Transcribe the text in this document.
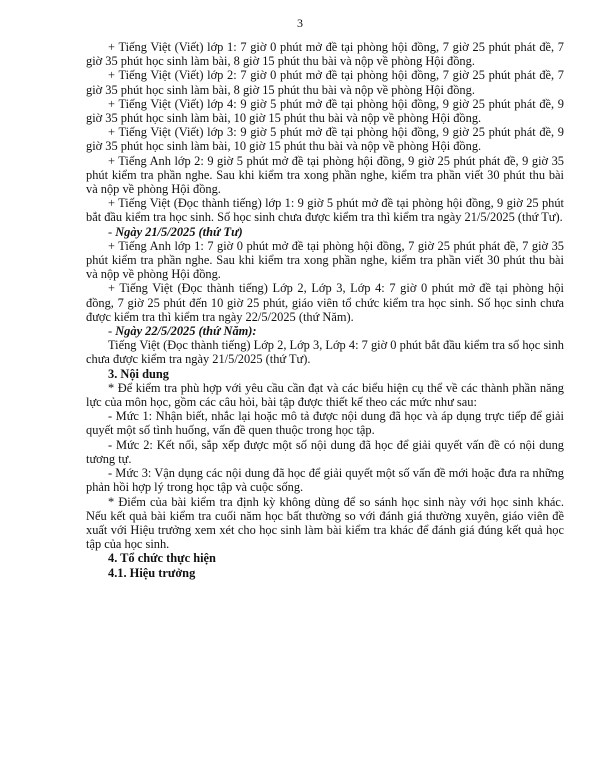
3

+ Tiếng Việt (Viết) lớp 1: 7 giờ 0 phút mở đề tại phòng hội đồng, 7 giờ 25 phút phát đề, 7 giờ 35 phút học sinh làm bài, 8 giờ 15 phút thu bài và nộp về phòng Hội đồng.

+ Tiếng Việt (Viết) lớp 2: 7 giờ 0 phút mở đề tại phòng hội đồng, 7 giờ 25 phút phát đề, 7 giờ 35 phút học sinh làm bài, 8 giờ 15 phút thu bài và nộp về phòng Hội đồng.

+ Tiếng Việt (Viết) lớp 4: 9 giờ 5 phút mở đề tại phòng hội đồng, 9 giờ 25 phút phát đề, 9 giờ 35 phút học sinh làm bài, 10 giờ 15 phút thu bài và nộp về phòng Hội đồng.

+ Tiếng Việt (Viết) lớp 3: 9 giờ 5 phút mở đề tại phòng hội đồng, 9 giờ 25 phút phát đề, 9 giờ 35 phút học sinh làm bài, 10 giờ 15 phút thu bài và nộp về phòng Hội đồng.

+ Tiếng Anh lớp 2: 9 giờ 5 phút mở đề tại phòng hội đồng, 9 giờ 25 phút phát đề, 9 giờ 35 phút kiểm tra phần nghe. Sau khi kiểm tra xong phần nghe, kiểm tra phần viết 30 phút thu bài và nộp về phòng Hội đồng.

+ Tiếng Việt (Đọc thành tiếng) lớp 1: 9 giờ 5 phút mở đề tại phòng hội đồng, 9 giờ 25 phút bắt đầu kiểm tra học sinh. Số học sinh chưa được kiểm tra thì kiểm tra ngày 21/5/2025 (thứ Tư).

- Ngày 21/5/2025 (thứ Tư)

+ Tiếng Anh lớp 1: 7 giờ 0 phút mở đề tại phòng hội đồng, 7 giờ 25 phút phát đề, 7 giờ 35 phút kiểm tra phần nghe. Sau khi kiểm tra xong phần nghe, kiểm tra phần viết 30 phút thu bài và nộp về phòng Hội đồng.

+ Tiếng Việt (Đọc thành tiếng) Lớp 2, Lớp 3, Lớp 4: 7 giờ 0 phút mở đề tại phòng hội đồng, 7 giờ 25 phút đến 10 giờ 25 phút, giáo viên tổ chức kiểm tra học sinh. Số học sinh chưa được kiểm tra thì kiểm tra ngày 22/5/2025 (thứ Năm).

- Ngày 22/5/2025 (thứ Năm):

Tiếng Việt (Đọc thành tiếng) Lớp 2, Lớp 3, Lớp 4: 7 giờ 0 phút bắt đầu kiểm tra số học sinh chưa được kiểm tra ngày 21/5/2025 (thứ Tư).

3. Nội dung

* Để kiểm tra phù hợp với yêu cầu cần đạt và các biểu hiện cụ thể về các thành phần năng lực của môn học, gồm các câu hỏi, bài tập được thiết kế theo các mức như sau:

- Mức 1: Nhận biết, nhắc lại hoặc mô tả được nội dung đã học và áp dụng trực tiếp để giải quyết một số tình huống, vấn đề quen thuộc trong học tập.

- Mức 2: Kết nối, sắp xếp được một số nội dung đã học để giải quyết vấn đề có nội dung tương tự.

- Mức 3: Vận dụng các nội dung đã học để giải quyết một số vấn đề mới hoặc đưa ra những phản hồi hợp lý trong học tập và cuộc sống.

* Điểm của bài kiểm tra định kỳ không dùng để so sánh học sinh này với học sinh khác. Nếu kết quả bài kiểm tra cuối năm học bất thường so với đánh giá thường xuyên, giáo viên đề xuất với Hiệu trưởng xem xét cho học sinh làm bài kiểm tra khác để đánh giá đúng kết quả học tập của học sinh.

4. Tổ chức thực hiện

4.1. Hiệu trưởng
